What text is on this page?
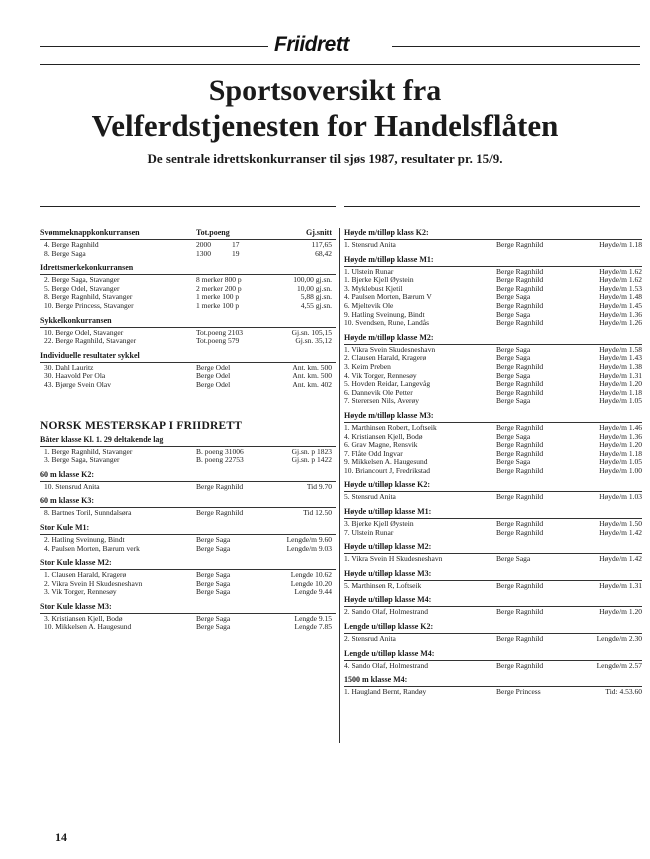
Friidrett
Sportsoversikt fra
Velferdstjenesten for Handelsflåten
De sentrale idrettskonkurranser til sjøs 1987, resultater pr. 15/9.
Svømmeknappkonkurransen	Tot.poeng	Gj.snitt
4. Berge Ragnhild	2000	17	117,65
8. Berge Saga	1300	19	68,42
Idrettsmerkekonkurransen
2. Berge Saga, Stavanger	8 merker 800 p	100,00 gj.sn.
5. Berge Odel, Stavanger	2 merker 200 p	10,00 gj.sn.
8. Berge Ragnhild, Stavanger	1 merke 100 p	5,88 gj.sn.
10. Berge Princess, Stavanger	1 merke 100 p	4,55 gj.sn.
Sykkelkonkurransen
10. Berge Odel, Stavanger	Tot.poeng 2103	Gj.sn. 105,15
22. Berge Ragnhild, Stavanger	Tot.poeng 579	Gj.sn. 35,12
Individuelle resultater sykkel
30. Dahl Lauritz	Berge Odel	Ant. km. 500
30. Haavold Per Ola	Berge Odel	Ant. km. 500
43. Bjørge Svein Olav	Berge Odel	Ant. km. 402
NORSK MESTERSKAP I FRIIDRETT
Båter klasse Kl. 1. 29 deltakende lag
1. Berge Ragnhild, Stavanger	B. poeng 31006	Gj.sn. p 1823
3. Berge Saga, Stavanger	B. poeng 22753	Gj.sn. p 1422
60 m klasse K2:
10. Stensrud Anita	Berge Ragnhild	Tid 9.70
60 m klasse K3:
8. Bartnes Toril, Sunndalsøra	Berge Ragnhild	Tid 12.50
Stor Kule M1:
2. Hatling Sveinung, Bindt	Berge Saga	Lengde/m 9.60
4. Paulsen Morten, Bærum verk	Berge Saga	Lengde/m 9.03
Stor Kule klasse M2:
1. Clausen Harald, Kragerø	Berge Saga	Lengde 10.62
2. Vikra Svein H Skudesneshavn	Berge Saga	Lengde 10.20
3. Vik Torger, Rennesøy	Berge Saga	Lengde 9.44
Stor Kule klasse M3:
3. Kristiansen Kjell, Bodø	Berge Saga	Lengde 9.15
10. Mikkelsen A. Haugesund	Berge Saga	Lengde 7.85
Høyde m/tilløp klass K2:
1. Stensrud Anita	Berge Ragnhild	Høyde/m 1.18
Høyde m/tilløp klasse M1:
1. Ulstein Runar	Berge Ragnhild	Høyde/m 1.62
1. Bjerke Kjell Øystein	Berge Ragnhild	Høyde/m 1.62
3. Myklebust Kjetil	Berge Ragnhild	Høyde/m 1.53
4. Paulsen Morten, Bærum V	Berge Saga	Høyde/m 1.48
6. Mjeltevik Ole	Berge Ragnhild	Høyde/m 1.45
9. Hatling Sveinung, Bindt	Berge Saga	Høyde/m 1.36
10. Svendsen, Rune, Landås	Berge Ragnhild	Høyde/m 1.26
Høyde m/tilløp klasse M2:
1. Vikra Svein Skudesneshavn	Berge Saga	Høyde/m 1.58
2. Clausen Harald, Kragerø	Berge Saga	Høyde/m 1.43
3. Keim Preben	Berge Ragnhild	Høyde/m 1.38
4. Vik Torger, Rennesøy	Berge Saga	Høyde/m 1.31
5. Hovden Reidar, Langevåg	Berge Ragnhild	Høyde/m 1.20
6. Dannevik Ole Petter	Berge Ragnhild	Høyde/m 1.18
7. Sterersen Nils, Averøy	Berge Saga	Høyde/m 1.05
Høyde m/tilløp klasse M3:
1. Marthinsen Robert, Loftseik	Berge Ragnhild	Høyde/m 1.46
4. Kristiansen Kjell, Bodø	Berge Saga	Høyde/m 1.36
6. Grav Magne, Rensvik	Berge Ragnhild	Høyde/m 1.20
7. Flåte Odd Ingvar	Berge Ragnhild	Høyde/m 1.18
9. Mikkelsen A. Haugesund	Berge Saga	Høyde/m 1.05
10. Briancourt J, Fredrikstad	Berge Ragnhild	Høyde/m 1.00
Høyde u/tilløp klasse K2:
5. Stensrud Anita	Berge Ragnhild	Høyde/m 1.03
Høyde u/tilløp klasse M1:
3. Bjerke Kjell Øystein	Berge Ragnhild	Høyde/m 1.50
7. Ulstein Runar	Berge Ragnhild	Høyde/m 1.42
Høyde u/tilløp klasse M2:
1. Vikra Svein H Skudesneshavn	Berge Saga	Høyde/m 1.42
Høyde u/tilløp klasse M3:
5. Marthinsen R, Loftseik	Berge Ragnhild	Høyde/m 1.31
Høyde u/tilløp klasse M4:
2. Sando Olaf, Holmestrand	Berge Ragnhild	Høyde/m 1.20
Lengde u/tilløp klasse K2:
2. Stensrud Anita	Berge Ragnhild	Lengde/m 2.30
Lengde u/tilløp klasse M4:
4. Sando Olaf, Holmestrand	Berge Ragnhild	Lengde/m 2.57
1500 m klasse M4:
1. Haugland Bernt, Randøy	Berge Princess	Tid: 4.53.60
14
